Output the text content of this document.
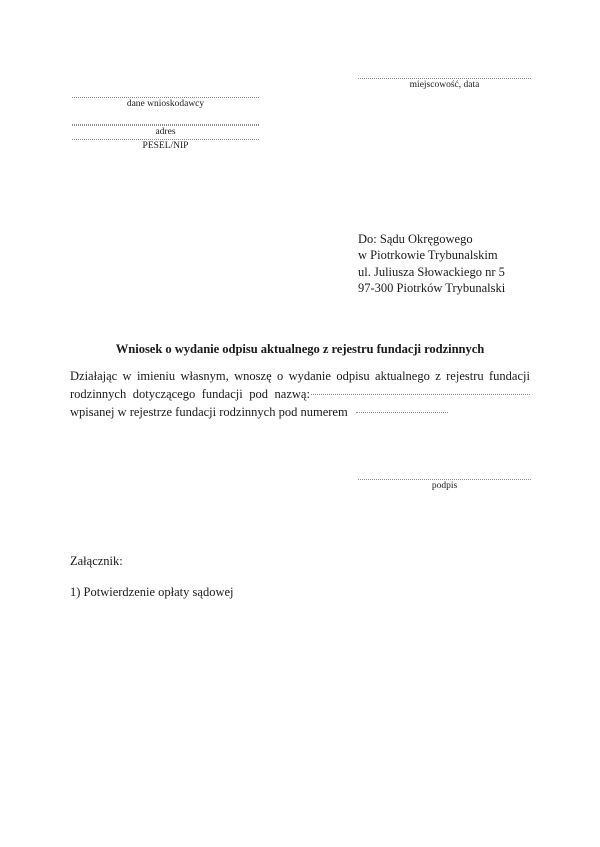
miejscowość, data
dane wnioskodawcy
adres
PESEL/NIP
Do: Sądu Okręgowego
w Piotrkowie Trybunalskim
ul. Juliusza Słowackiego nr 5
97-300 Piotrków Trybunalski
Wniosek o wydanie odpisu aktualnego z rejestru fundacji rodzinnych
Działając w imieniu własnym, wnoszę o wydanie odpisu aktualnego z rejestru fundacji
rodzinnych dotyczącego fundacji pod nazwą:
wpisanej w rejestrze fundacji rodzinnych pod numerem
podpis

Załącznik:

1) Potwierdzenie opłaty sądowej
